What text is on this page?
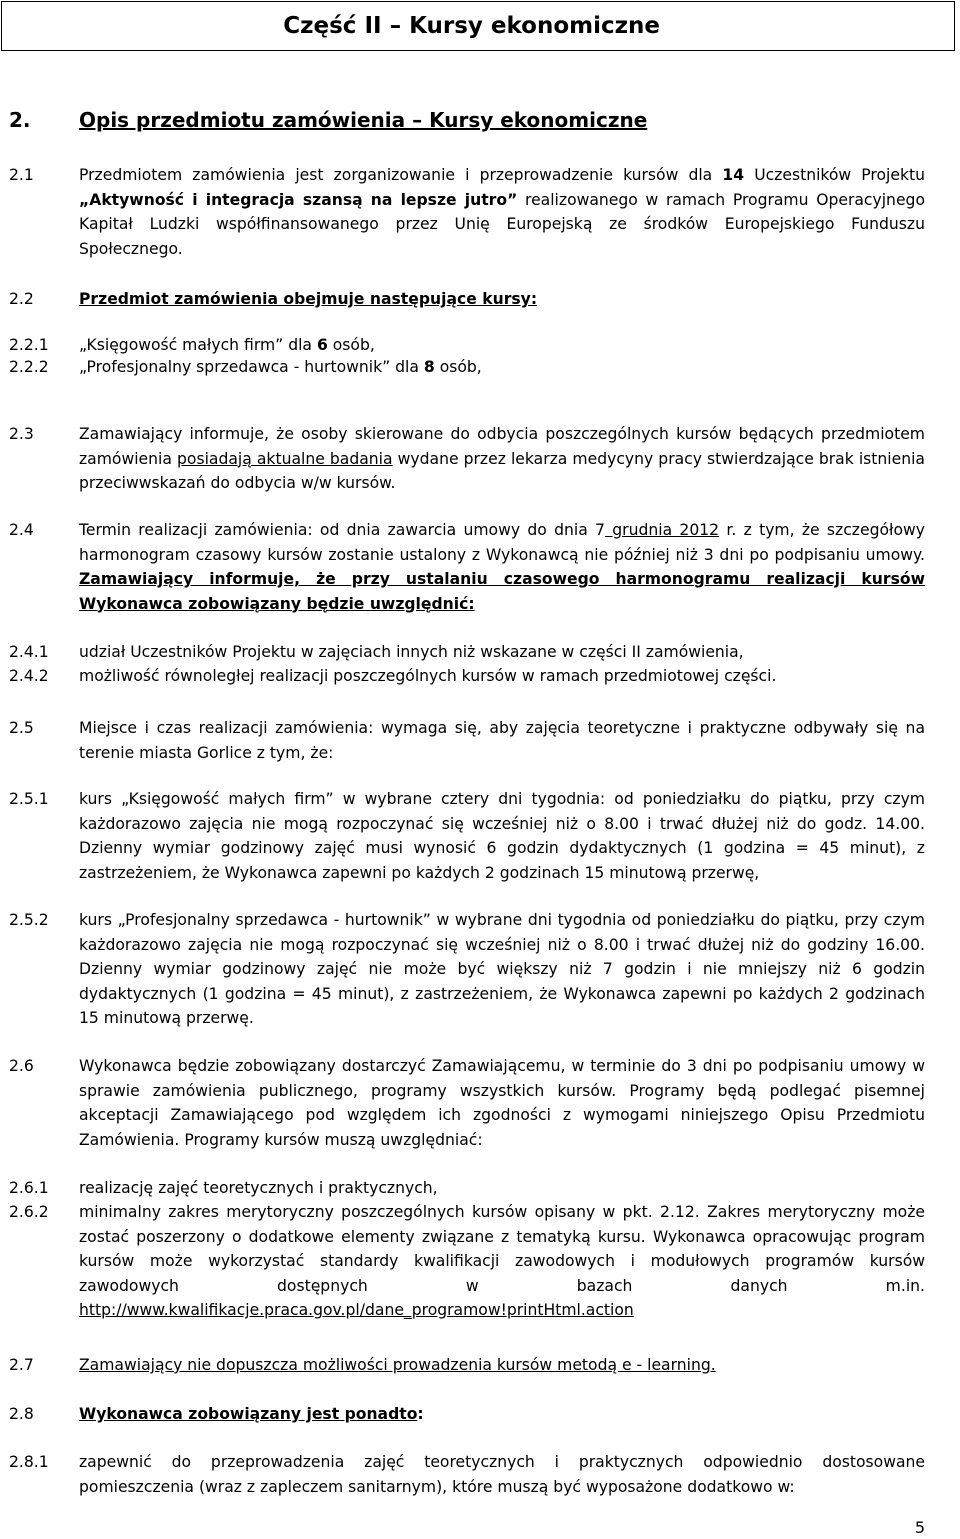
Część II – Kursy ekonomiczne
2. Opis przedmiotu zamówienia – Kursy ekonomiczne
2.1	Przedmiotem zamówienia jest zorganizowanie i przeprowadzenie kursów dla 14 Uczestników Projektu „Aktywność i integracja szansą na lepsze jutro” realizowanego w ramach Programu Operacyjnego Kapitał Ludzki współfinansowanego przez Unię Europejską ze środków Europejskiego Funduszu Społecznego.
2.2	Przedmiot zamówienia obejmuje następujące kursy:
2.2.1	„Księgowość małych firm” dla 6 osób,
2.2.2	„Profesjonalny sprzedawca - hurtownik” dla 8 osób,
2.3	Zamawiający informuje, że osoby skierowane do odbycia poszczególnych kursów będących przedmiotem zamówienia posiadają aktualne badania wydane przez lekarza medycyny pracy stwierdzające brak istnienia przeciwwskazań do odbycia w/w kursów.
2.4	Termin realizacji zamówienia: od dnia zawarcia umowy do dnia 7 grudnia 2012 r. z tym, że szczegółowy harmonogram czasowy kursów zostanie ustalony z Wykonawcą nie później niż 3 dni po podpisaniu umowy. Zamawiający informuje, że przy ustalaniu czasowego harmonogramu realizacji kursów Wykonawca zobowiązany będzie uwzględnić:
2.4.1	udział Uczestników Projektu w zajęciach innych niż wskazane w części II zamówienia,
2.4.2	możliwość równoległej realizacji poszczególnych kursów w ramach przedmiotowej części.
2.5	Miejsce i czas realizacji zamówienia: wymaga się, aby zajęcia teoretyczne i praktyczne odbywały się na terenie miasta Gorlice z tym, że:
2.5.1	kurs „Księgowość małych firm” w wybrane cztery dni tygodnia: od poniedziałku do piątku, przy czym każdorazowo zajęcia nie mogą rozpoczynać się wcześniej niż o 8.00 i trwać dłużej niż do godz. 14.00. Dzienny wymiar godzinowy zajęć musi wynosić 6 godzin dydaktycznych (1 godzina = 45 minut), z zastrzeżeniem, że Wykonawca zapewni po każdych 2 godzinach 15 minutową przerwę,
2.5.2	kurs „Profesjonalny sprzedawca - hurtownik” w wybrane dni tygodnia od poniedziałku do piątku, przy czym każdorazowo zajęcia nie mogą rozpoczynać się wcześniej niż o 8.00 i trwać dłużej niż do godziny 16.00. Dzienny wymiar godzinowy zajęć nie może być większy niż 7 godzin i nie mniejszy niż 6 godzin dydaktycznych (1 godzina = 45 minut), z zastrzeżeniem, że Wykonawca zapewni po każdych 2 godzinach 15 minutową przerwę.
2.6	Wykonawca będzie zobowiązany dostarczyć Zamawiającemu, w terminie do 3 dni po podpisaniu umowy w sprawie zamówienia publicznego, programy wszystkich kursów. Programy będą podlegać pisemnej akceptacji Zamawiającego pod względem ich zgodności z wymogami niniejszego Opisu Przedmiotu Zamówienia. Programy kursów muszą uwzględniać:
2.6.1	realizację zajęć teoretycznych i praktycznych,
2.6.2	minimalny zakres merytoryczny poszczególnych kursów opisany w pkt. 2.12. Zakres merytoryczny może zostać poszerzony o dodatkowe elementy związane z tematyką kursu. Wykonawca opracowując program kursów może wykorzystać standardy kwalifikacji zawodowych i modułowych programów kursów zawodowych dostępnych w bazach danych m.in.

http://www.kwalifikacje.praca.gov.pl/dane_programow!printHtml.action

2.7	Zamawiający nie dopuszcza możliwości prowadzenia kursów metodą e - learning.
2.8	Wykonawca zobowiązany jest ponadto:
2.8.1	zapewnić do przeprowadzenia zajęć teoretycznych i praktycznych odpowiednio dostosowane pomieszczenia (wraz z zapleczem sanitarnym), które muszą być wyposażone dodatkowo w:
5
